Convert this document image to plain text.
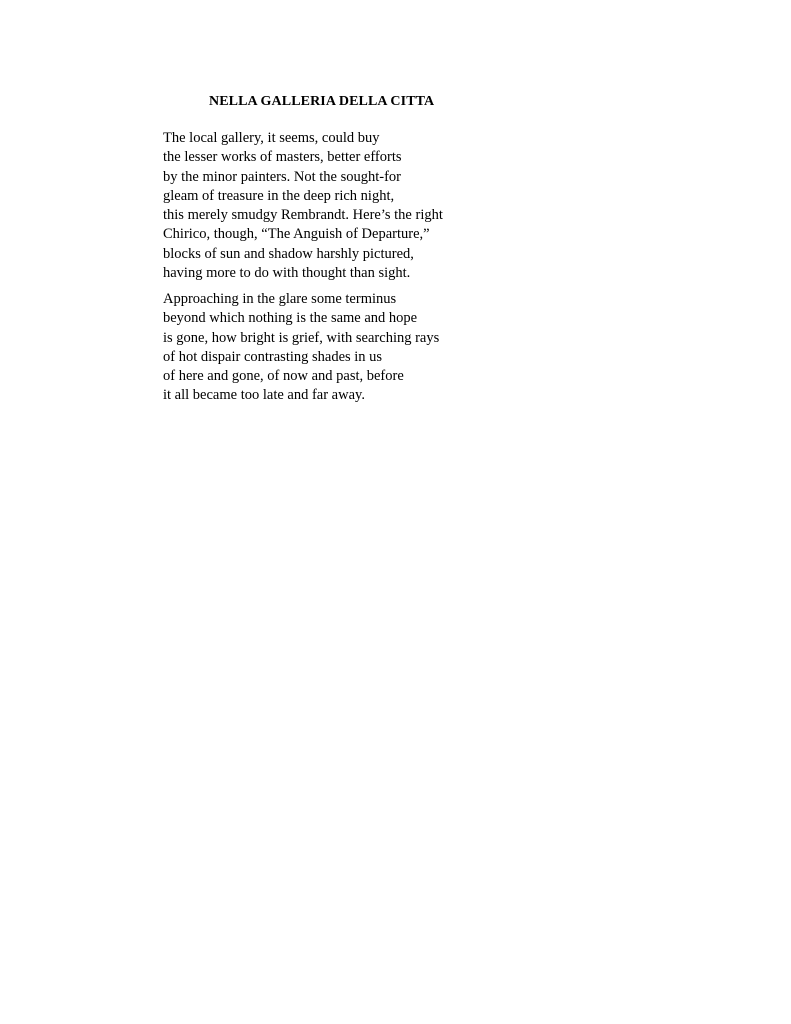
NELLA GALLERIA DELLA CITTA
The local gallery, it seems, could buy
the lesser works of masters, better efforts
by the minor painters. Not the sought-for
gleam of treasure in the deep rich night,
this merely smudgy Rembrandt. Here’s the right
Chirico, though, “The Anguish of Departure,”
blocks of sun and shadow harshly pictured,
having more to do with thought than sight.
Approaching in the glare some terminus
beyond which nothing is the same and hope
is gone, how bright is grief, with searching rays
of hot dispair contrasting shades in us
of here and gone, of now and past, before
it all became too late and far away.
